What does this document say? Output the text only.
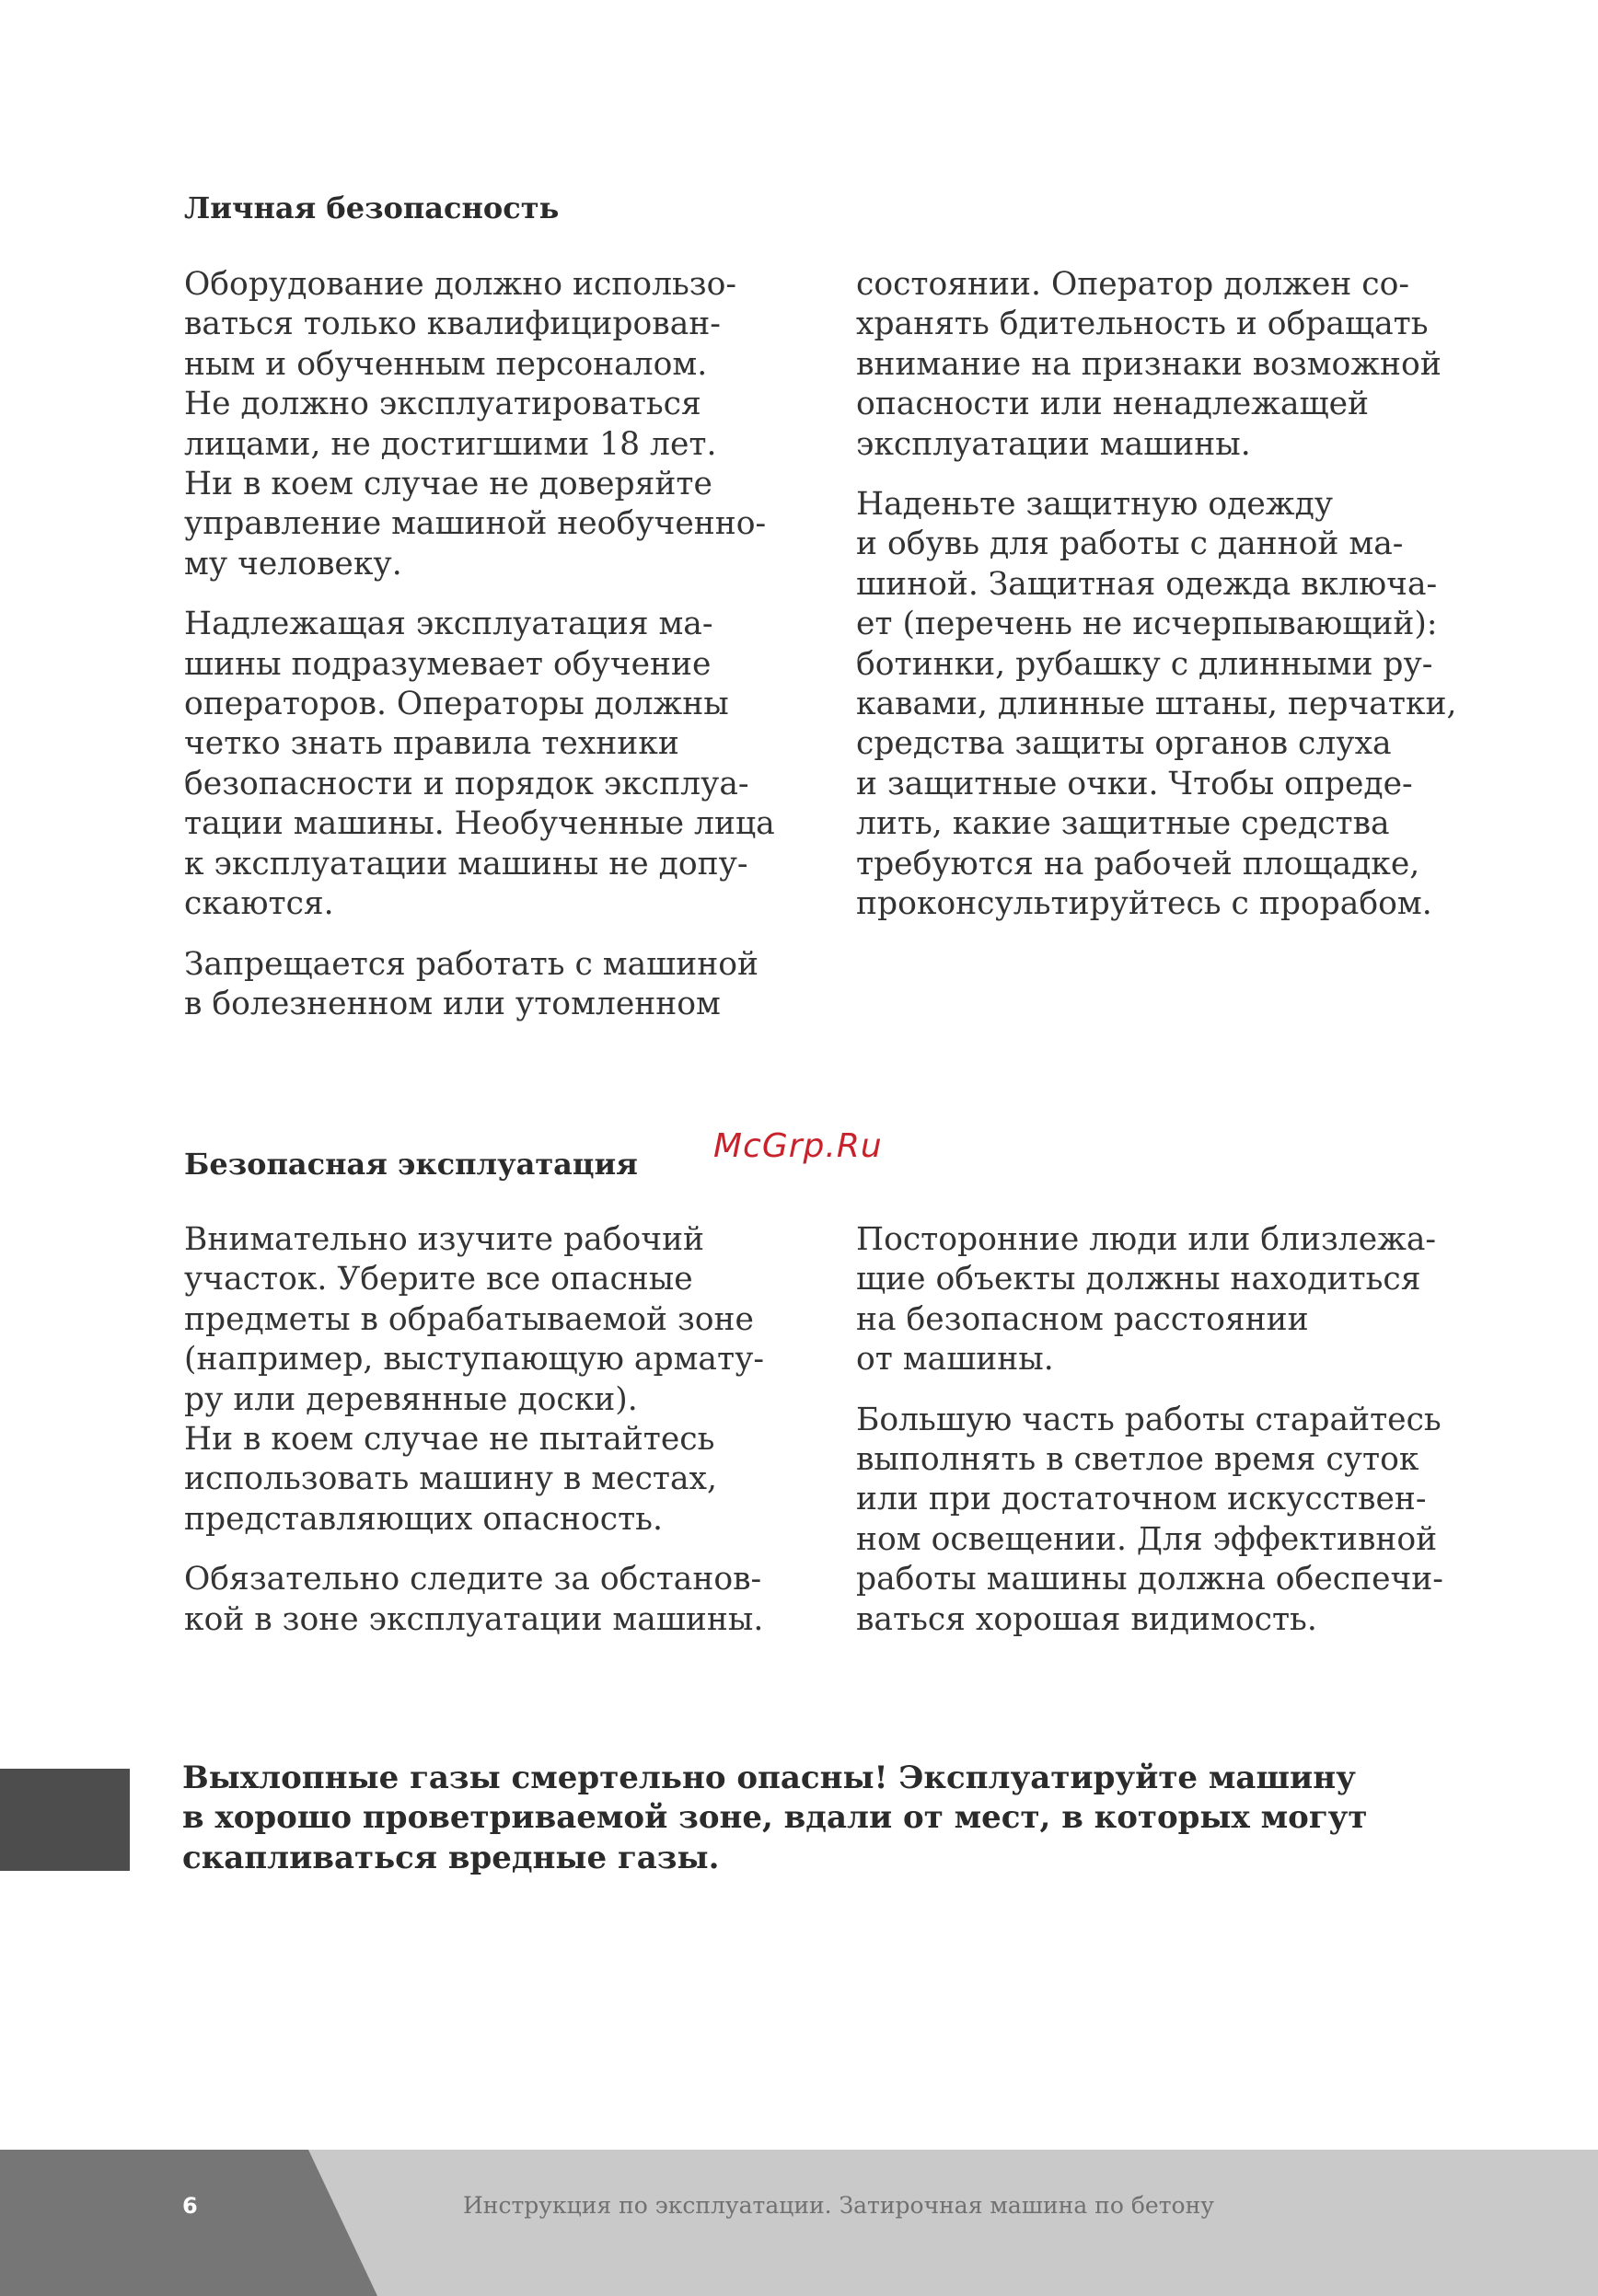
Личная безопасность

Оборудование должно использо-
ваться только квалифицирован-
ным и обученным персоналом.
Не должно эксплуатироваться
лицами, не достигшими 18 лет.
Ни в коем случае не доверяйте
управление машиной необученно-
му человеку.

Надлежащая эксплуатация ма-
шины подразумевает обучение
операторов. Операторы должны
четко знать правила техники
безопасности и порядок эксплуа-
тации машины. Необученные лица
к эксплуатации машины не допу-
скаются.

Запрещается работать с машиной
в болезненном или утомленном

состоянии. Оператор должен со-
хранять бдительность и обращать
внимание на признаки возможной
опасности или ненадлежащей
эксплуатации машины.

Наденьте защитную одежду
и обувь для работы с данной ма-
шиной. Защитная одежда включа-
ет (перечень не исчерпывающий):
ботинки, рубашку с длинными ру-
кавами, длинные штаны, перчатки,
средства защиты органов слуха
и защитные очки. Чтобы опреде-
лить, какие защитные средства
требуются на рабочей площадке,
проконсультируйтесь с прорабом.

McGrp.Ru
Безопасная эксплуатация

Внимательно изучите рабочий
участок. Уберите все опасные
предметы в обрабатываемой зоне
(например, выступающую армату-
ру или деревянные доски).
Ни в коем случае не пытайтесь
использовать машину в местах,
представляющих опасность.

Обязательно следите за обстанов-
кой в зоне эксплуатации машины.

Посторонние люди или близлежа-
щие объекты должны находиться
на безопасном расстоянии
от машины.

Большую часть работы старайтесь
выполнять в светлое время суток
или при достаточном искусствен-
ном освещении. Для эффективной
работы машины должна обеспечи-
ваться хорошая видимость.

Выхлопные газы смертельно опасны! Эксплуатируйте машину
в хорошо проветриваемой зоне, вдали от мест, в которых могут
скапливаться вредные газы.

6	Инструкция по эксплуатации. Затирочная машина по бетону
